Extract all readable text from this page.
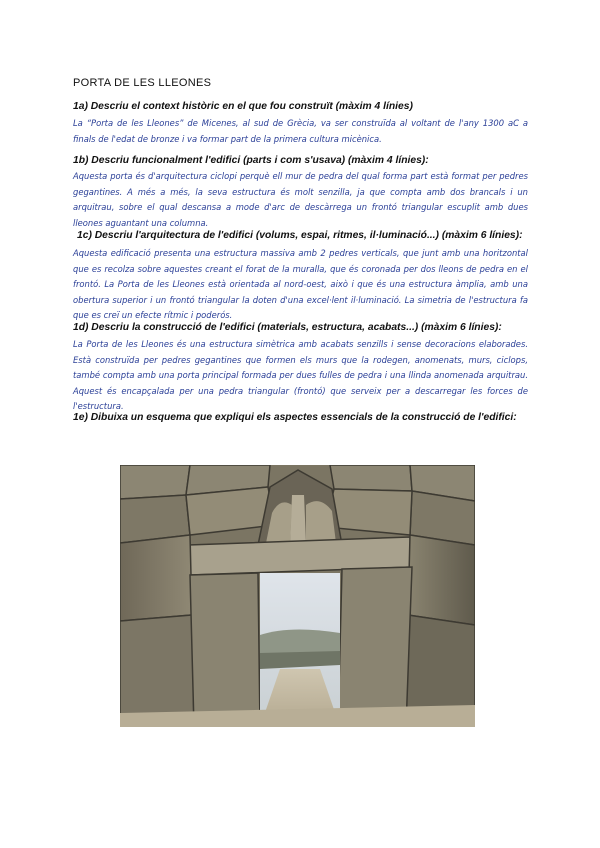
PORTA DE LES LLEONES
1a) Descriu el context històric en el que fou construït (màxim 4 línies)
La “Porta de les Lleones” de Micenes, al sud de Grècia, va ser construïda al voltant de l'any 1300 aC a finals de l'edat de bronze i va formar part de la primera cultura micènica.
1b) Descriu funcionalment l'edifici (parts i com s'usava) (màxim 4 línies):
Aquesta porta és d'arquitectura ciclopi perquè ell mur de pedra del qual forma part està format per pedres gegantines. A més a més, la seva estructura és molt senzilla, ja que compta amb dos brancals i un arquitrau, sobre el qual descansa a mode d'arc de descàrrega un frontó triangular escuplit amb dues lleones aguantant una columna.
1c) Descriu l'arquitectura de l'edifici (volums, espai, ritmes, il·luminació...) (màxim 6 línies):
Aquesta edificació presenta una estructura massiva amb 2 pedres verticals, que junt amb una horitzontal que es recolza sobre aquestes creant el forat de la muralla, que és coronada per dos lleons de pedra en el frontó. La Porta de les Lleones està orientada al nord-oest, això i que és una estructura àmplia, amb una obertura superior i un frontó triangular la doten d'una excel·lent il·luminació. La simetria de l'estructura fa que es creï un efecte rítmic i poderós.
1d) Descriu la construcció de l'edifici (materials, estructura, acabats...) (màxim 6 línies):
La Porta de les Lleones és una estructura simètrica amb acabats senzills i sense decoracions elaborades. Està construïda per pedres gegantines que formen els murs que la rodegen, anomenats, murs, ciclops, també compta amb una porta principal formada per dues fulles de pedra i una llinda anomenada arquitrau. Aquest és encapçalada per una pedra triangular (frontó) que serveix per a descarregar les forces de l'estructura.
1e) Dibuixa un esquema que expliqui els aspectes essencials de la construcció de l'edifici:
